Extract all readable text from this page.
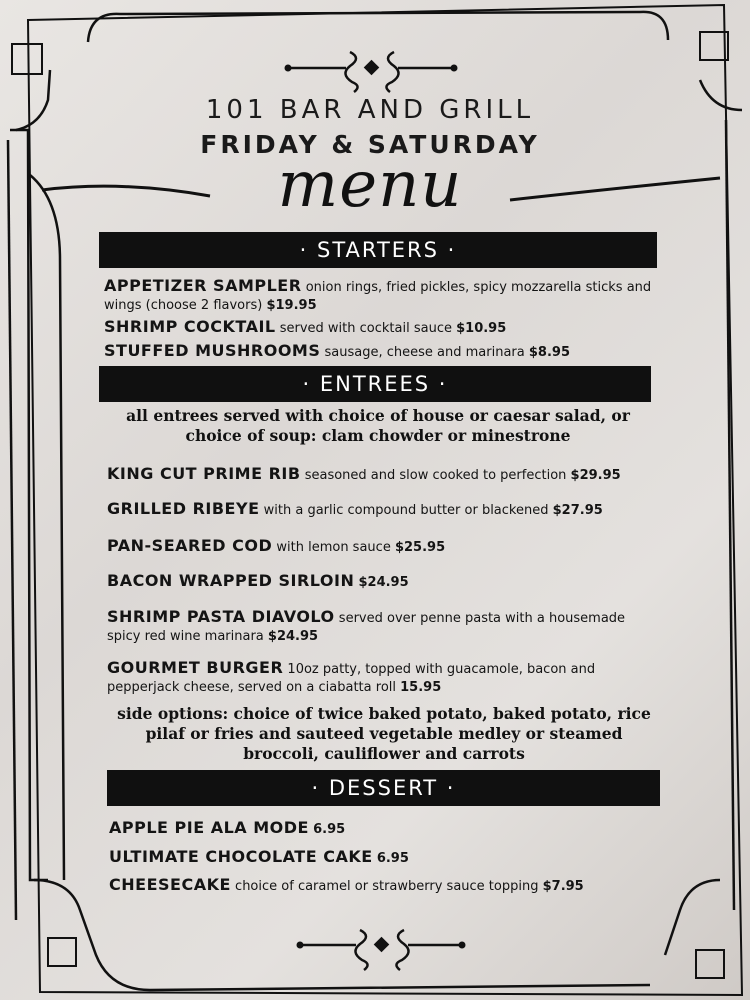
101 BAR AND GRILL
FRIDAY & SATURDAY
menu
· STARTERS ·
APPETIZER SAMPLER onion rings, fried pickles, spicy mozzarella sticks and wings (choose 2 flavors) $19.95
SHRIMP COCKTAIL served with cocktail sauce $10.95
STUFFED MUSHROOMS sausage, cheese and marinara $8.95
· ENTREES ·
all entrees served with choice of house or caesar salad, or choice of soup: clam chowder or minestrone
KING CUT PRIME RIB seasoned and slow cooked to perfection $29.95
GRILLED RIBEYE with a garlic compound butter or blackened $27.95
PAN-SEARED COD with lemon sauce $25.95
BACON WRAPPED SIRLOIN $24.95
SHRIMP PASTA DIAVOLO served over penne pasta with a housemade spicy red wine marinara $24.95
GOURMET BURGER 10oz patty, topped with guacamole, bacon and pepperjack cheese, served on a ciabatta roll 15.95
side options: choice of twice baked potato, baked potato, rice pilaf or fries and sauteed vegetable medley or steamed broccoli, cauliflower and carrots
· DESSERT ·
APPLE PIE ALA MODE 6.95
ULTIMATE CHOCOLATE CAKE 6.95
CHEESECAKE choice of caramel or strawberry sauce topping $7.95
